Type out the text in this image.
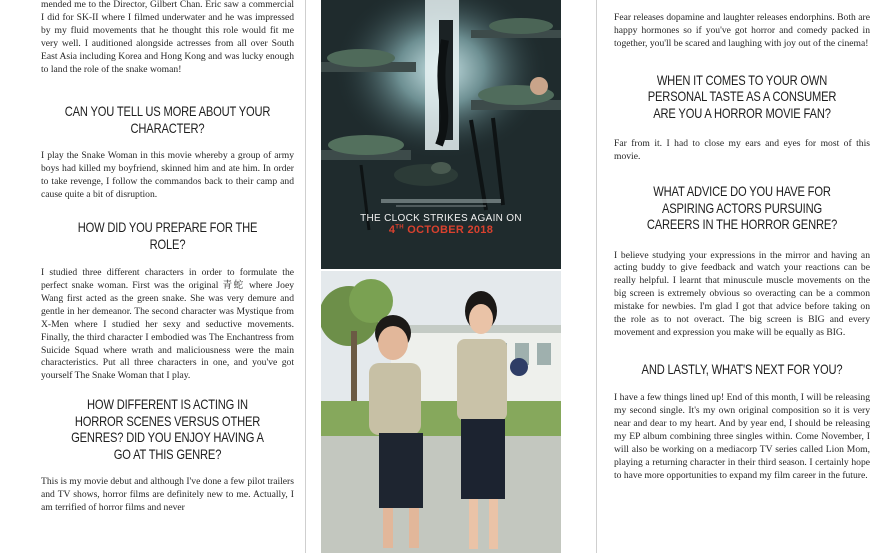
mended me to the Director, Gilbert Chan. Eric saw a commercial I did for SK-II where I filmed underwater and he was impressed by my fluid movements that he thought this role would fit me very well. I auditioned alongside actresses from all over South East Asia including Korea and Hong Kong and was lucky enough to land the role of the snake woman!

CAN YOU TELL US MORE ABOUT YOUR CHARACTER?

I play the Snake Woman in this movie whereby a group of army boys had killed my boyfriend, skinned him and ate him. In order to take revenge, I follow the commandos back to their camp and cause quite a bit of disruption.

HOW DID YOU PREPARE FOR THE ROLE?

I studied three different characters in order to formulate the perfect snake woman. First was the original 青蛇 where Joey Wang first acted as the green snake. She was very demure and gentle in her demeanor. The second character was Mystique from X-Men where I studied her sexy and seductive movements. Finally, the third character I embodied was The Enchantress from Suicide Squad where wrath and maliciousness were the main characteristics. Put all three characters in one, and you've got yourself The Snake Woman that I play.

HOW DIFFERENT IS ACTING IN HORROR SCENES VERSUS OTHER GENRES? DID YOU ENJOY HAVING A GO AT THIS GENRE?

This is my movie debut and although I've done a few pilot trailers and TV shows, horror films are definitely new to me. Actually, I am terrified of horror films and never

THE CLOCK STRIKES AGAIN ON
4TH OCTOBER 2018

Fear releases dopamine and laughter releases endorphins. Both are happy hormones so if you've got horror and comedy packed in together, you'll be scared and laughing with joy out of the cinema!

WHEN IT COMES TO YOUR OWN PERSONAL TASTE AS A CONSUMER ARE YOU A HORROR MOVIE FAN?

Far from it. I had to close my ears and eyes for most of this movie.

WHAT ADVICE DO YOU HAVE FOR ASPIRING ACTORS PURSUING CAREERS IN THE HORROR GENRE?

I believe studying your expressions in the mirror and having an acting buddy to give feedback and watch your reactions can be really helpful. I learnt that minuscule muscle movements on the big screen is extremely obvious so overacting can be a common mistake for newbies. I'm glad I got that advice before taking on the role as to not overact. The big screen is BIG and every movement and expression you make will be equally as BIG.

AND LASTLY, WHAT'S NEXT FOR YOU?

I have a few things lined up! End of this month, I will be releasing my second single. It's my own original composition so it is very near and dear to my heart. And by year end, I should be releasing my EP album combining three singles within. Come November, I will also be working on a mediacorp TV series called Lion Mom, playing a returning character in their third season. I certainly hope to have more opportunities to expand my film career in the future.
